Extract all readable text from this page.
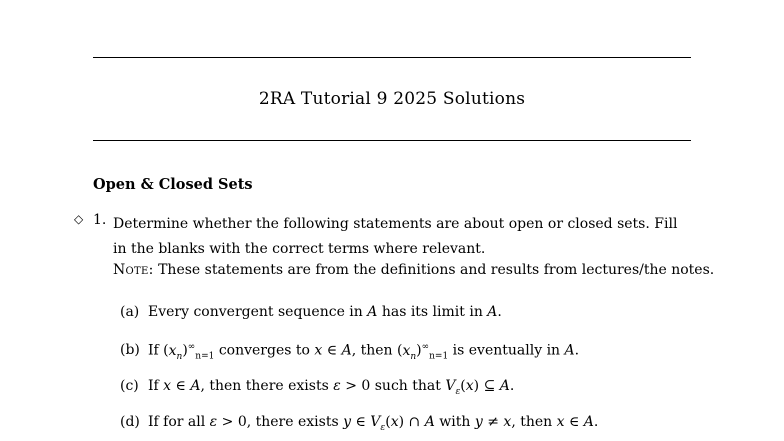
2RA Tutorial 9 2025 Solutions
Open & Closed Sets
◇ 1. Determine whether the following statements are about open or closed sets. Fill in the blanks with the correct terms where relevant.
Note: These statements are from the definitions and results from lectures/the notes.
(a) Every convergent sequence in A has its limit in A.
(b) If $(x_n)^\infty_{n=1}$ converges to x ∈ A, then $(x_n)^\infty_{n=1}$ is eventually in A.
(c) If x ∈ A, then there exists ε > 0 such that $V_\varepsilon(x)$ ⊆ A.
(d) If for all ε > 0, there exists y ∈ $V_\varepsilon(x)$ ∩ A with y ≠ x, then x ∈ A.
